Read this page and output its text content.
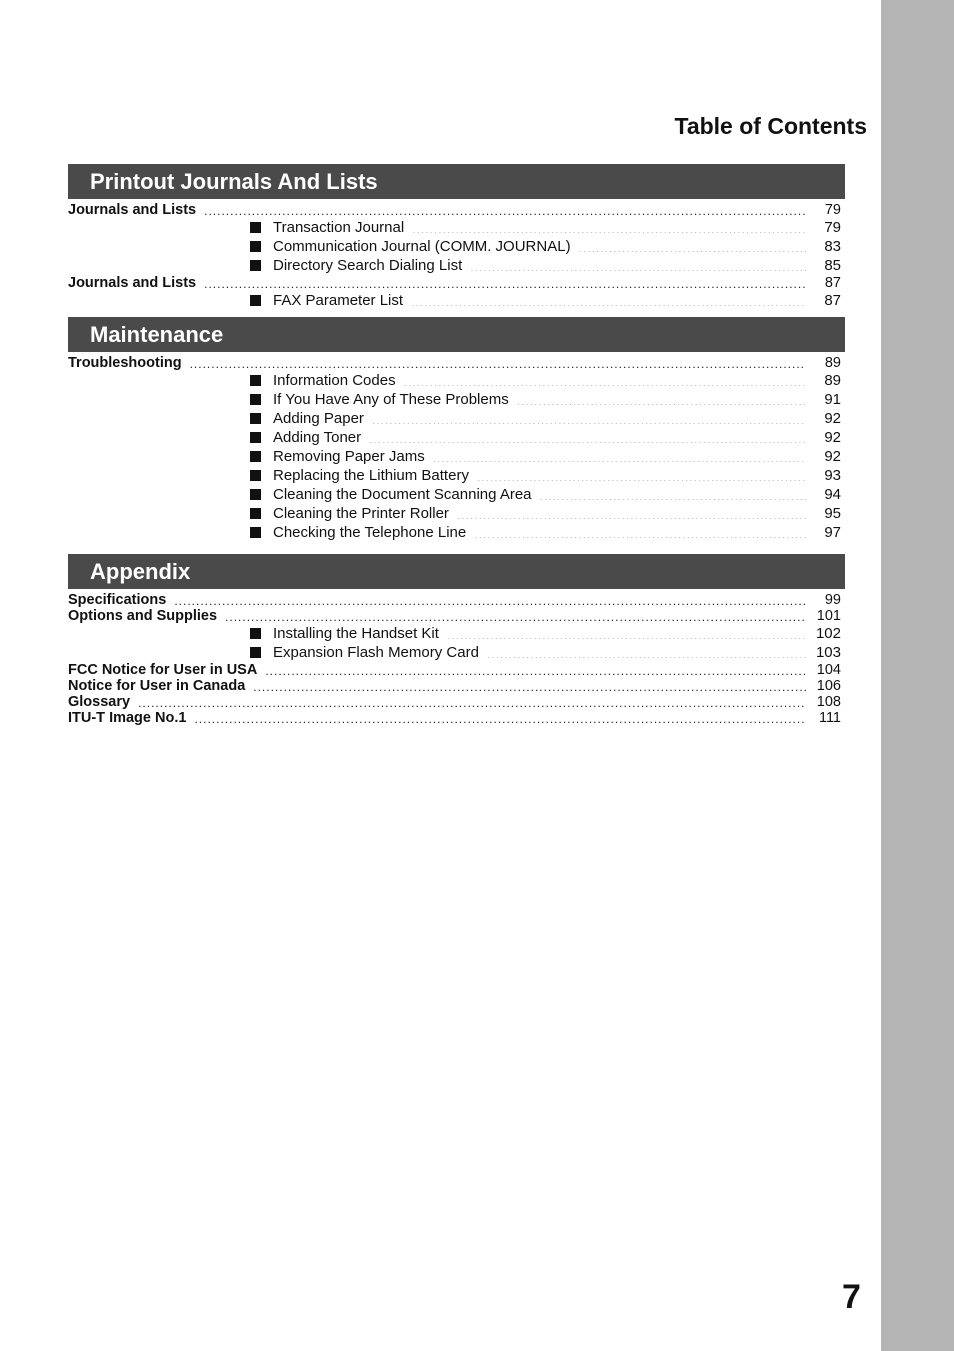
Table of Contents
Printout Journals And Lists
Journals and Lists .....	79
Transaction Journal .....	79
Communication Journal (COMM. JOURNAL) .....	83
Directory Search Dialing List .....	85
Journals and Lists .....	87
FAX Parameter List .....	87
Maintenance
Troubleshooting .....	89
Information Codes .....	89
If You Have Any of These Problems .....	91
Adding Paper .....	92
Adding Toner .....	92
Removing Paper Jams .....	92
Replacing the Lithium Battery .....	93
Cleaning the Document Scanning Area .....	94
Cleaning the Printer Roller .....	95
Checking the Telephone Line .....	97
Appendix
Specifications .....	99
Options and Supplies .....	101
Installing the Handset Kit .....	102
Expansion Flash Memory Card .....	103
FCC Notice for User in USA .....	104
Notice for User in Canada .....	106
Glossary .....	108
ITU-T Image No.1 .....	111
7
